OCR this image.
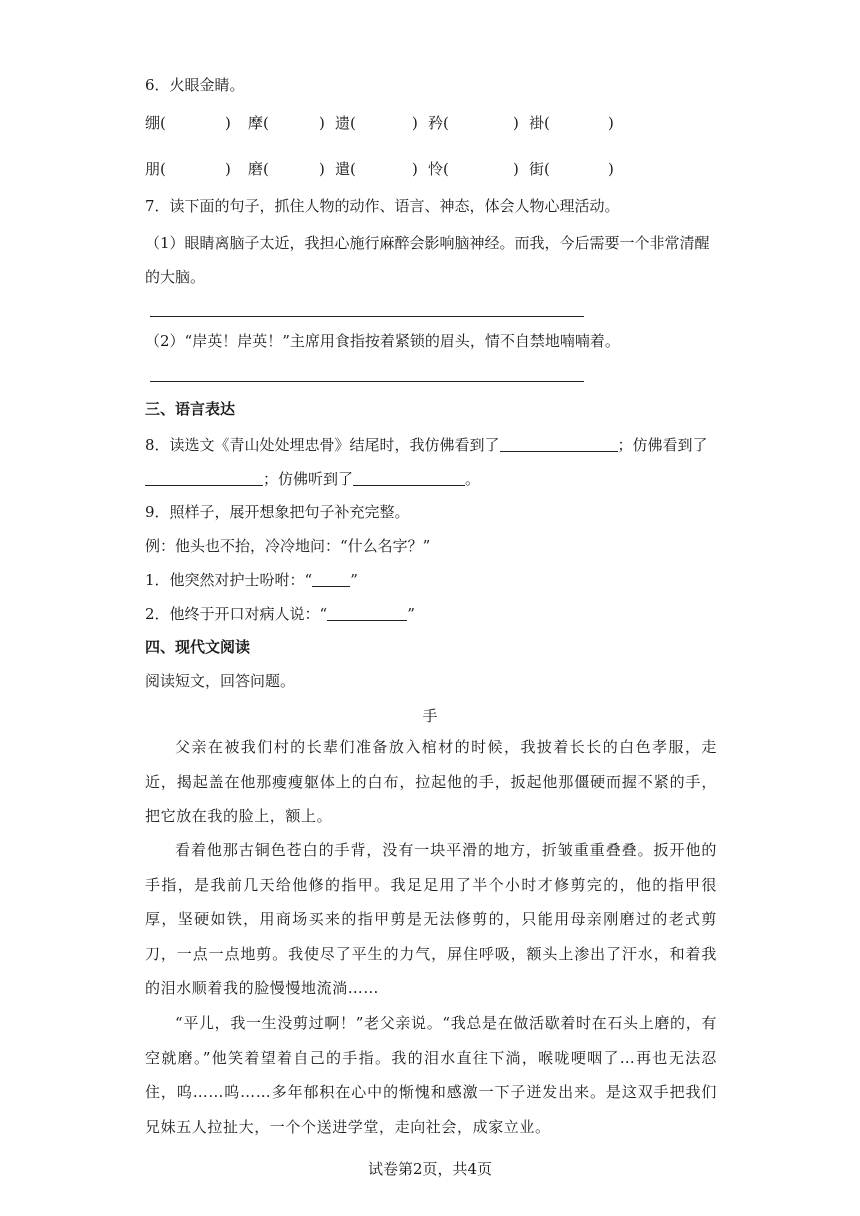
6．火眼金睛。
绷(	) 摩(	) 遗(	) 矜(	) 褂(	)
朋(	) 磨(	) 遣(	) 怜(	) 街(	)
7．读下面的句子，抓住人物的动作、语言、神态，体会人物心理活动。
（1）眼睛离脑子太近，我担心施行麻醉会影响脑神经。而我，今后需要一个非常清醒
的大脑。
（2）“岸英！岸英！”主席用食指按着紧锁的眉头，情不自禁地喃喃着。
三、语言表达
8．读选文《青山处处埋忠骨》结尾时，我仿佛看到了	；仿佛看到了
；仿佛听到了	。
9．照样子，展开想象把句子补充完整。
例：他头也不抬，冷冷地问：“什么名字？”
1．他突然对护士吩咐：“	”
2．他终于开口对病人说：“	”
四、现代文阅读
阅读短文，回答问题。
手
父亲在被我们村的长辈们准备放入棺材的时候，我披着长长的白色孝服，走近，揭起盖在他那瘦瘦躯体上的白布，拉起他的手，扳起他那僵硬而握不紧的手，把它放在我的脸上，额上。
看着他那古铜色苍白的手背，没有一块平滑的地方，折皱重重叠叠。扳开他的手指，是我前几天给他修的指甲。我足足用了半个小时才修剪完的，他的指甲很厚，坚硬如铁，用商场买来的指甲剪是无法修剪的，只能用母亲刚磨过的老式剪刀，一点一点地剪。我使尽了平生的力气，屏住呼吸，额头上渗出了汗水，和着我的泪水顺着我的脸慢慢地流淌……
“平儿，我一生没剪过啊！”老父亲说。“我总是在做活歇着时在石头上磨的，有空就磨。”他笑着望着自己的手指。我的泪水直往下淌，喉咙哽咽了…再也无法忍住，呜……呜……多年郁积在心中的惭愧和感激一下子迸发出来。是这双手把我们兄妹五人拉扯大，一个个送进学堂，走向社会，成家立业。
试卷第2页，共4页
